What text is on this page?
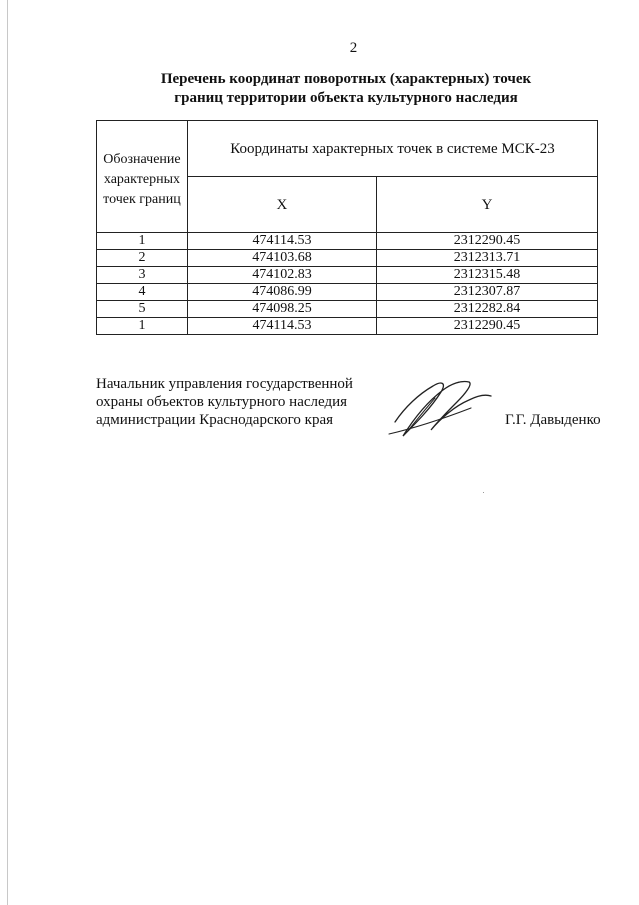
2
Перечень координат поворотных (характерных) точек
границ территории объекта культурного наследия
Обозначение
характерных
точек границ	Координаты характерных точек в системе МСК-23	
	X	Y
1	474114.53	2312290.45
2	474103.68	2312313.71
3	474102.83	2312315.48
4	474086.99	2312307.87
5	474098.25	2312282.84
1	474114.53	2312290.45
Начальник управления государственной
охраны объектов культурного наследия
администрации Краснодарского края	Г.Г. Давыденко
